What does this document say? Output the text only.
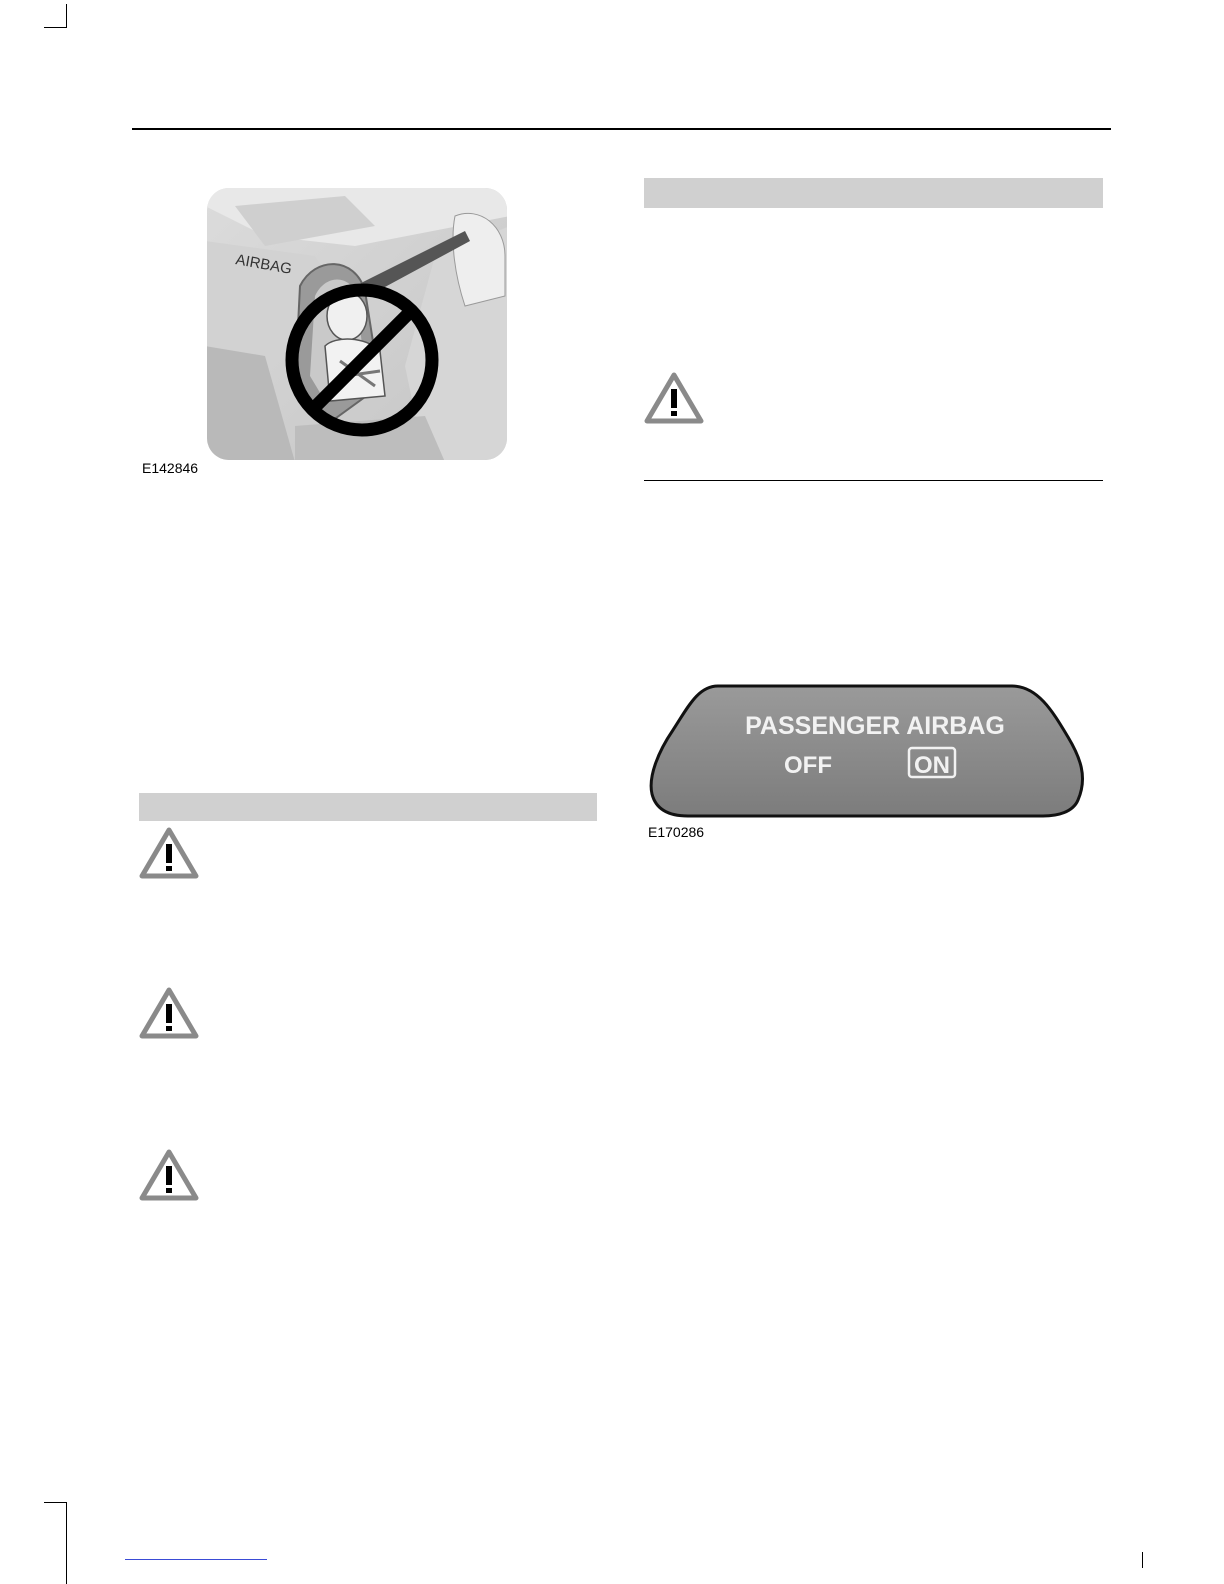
AIRBAG
E142846
PASSENGER AIRBAG
OFF	ON
E170286
